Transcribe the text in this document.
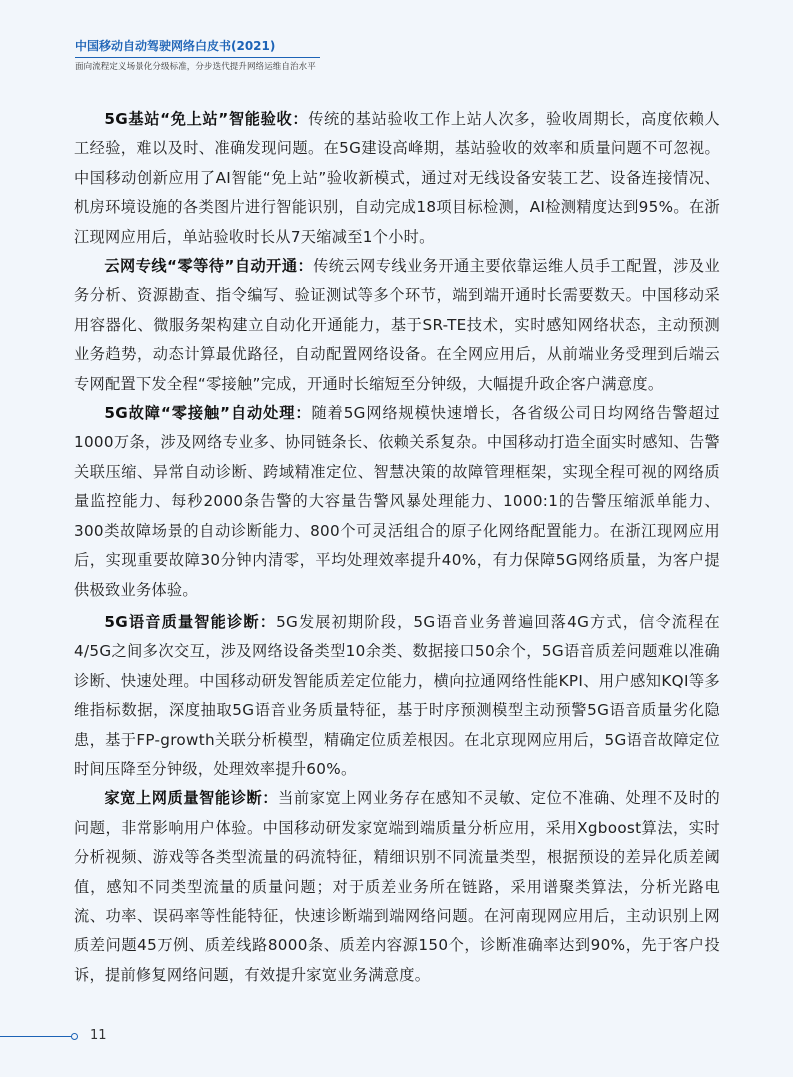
中国移动自动驾驶网络白皮书(2021)
面向流程定义场景化分级标准，分步迭代提升网络运维自治水平

5G基站“免上站”智能验收：传统的基站验收工作上站人次多，验收周期长，高度依赖人工经验，难以及时、准确发现问题。在5G建设高峰期，基站验收的效率和质量问题不可忽视。中国移动创新应用了AI智能“免上站”验收新模式，通过对无线设备安装工艺、设备连接情况、机房环境设施的各类图片进行智能识别，自动完成18项目标检测，AI检测精度达到95%。在浙江现网应用后，单站验收时长从7天缩减至1个小时。

云网专线“零等待”自动开通：传统云网专线业务开通主要依靠运维人员手工配置，涉及业务分析、资源勘查、指令编写、验证测试等多个环节，端到端开通时长需要数天。中国移动采用容器化、微服务架构建立自动化开通能力，基于SR-TE技术，实时感知网络状态，主动预测业务趋势，动态计算最优路径，自动配置网络设备。在全网应用后，从前端业务受理到后端云专网配置下发全程“零接触”完成，开通时长缩短至分钟级，大幅提升政企客户满意度。

5G故障“零接触”自动处理：随着5G网络规模快速增长，各省级公司日均网络告警超过1000万条，涉及网络专业多、协同链条长、依赖关系复杂。中国移动打造全面实时感知、告警关联压缩、异常自动诊断、跨域精准定位、智慧决策的故障管理框架，实现全程可视的网络质量监控能力、每秒2000条告警的大容量告警风暴处理能力、1000:1的告警压缩派单能力、300类故障场景的自动诊断能力、800个可灵活组合的原子化网络配置能力。在浙江现网应用后，实现重要故障30分钟内清零，平均处理效率提升40%，有力保障5G网络质量，为客户提供极致业务体验。

5G语音质量智能诊断：5G发展初期阶段，5G语音业务普遍回落4G方式，信令流程在4/5G之间多次交互，涉及网络设备类型10余类、数据接口50余个，5G语音质差问题难以准确诊断、快速处理。中国移动研发智能质差定位能力，横向拉通网络性能KPI、用户感知KQI等多维指标数据，深度抽取5G语音业务质量特征，基于时序预测模型主动预警5G语音质量劣化隐患，基于FP-growth关联分析模型，精确定位质差根因。在北京现网应用后，5G语音故障定位时间压降至分钟级，处理效率提升60%。

家宽上网质量智能诊断：当前家宽上网业务存在感知不灵敏、定位不准确、处理不及时的问题，非常影响用户体验。中国移动研发家宽端到端质量分析应用，采用Xgboost算法，实时分析视频、游戏等各类型流量的码流特征，精细识别不同流量类型，根据预设的差异化质差阈值，感知不同类型流量的质量问题；对于质差业务所在链路，采用谱聚类算法，分析光路电流、功率、误码率等性能特征，快速诊断端到端网络问题。在河南现网应用后，主动识别上网质差问题45万例、质差线路8000条、质差内容源150个，诊断准确率达到90%，先于客户投诉，提前修复网络问题，有效提升家宽业务满意度。

11
